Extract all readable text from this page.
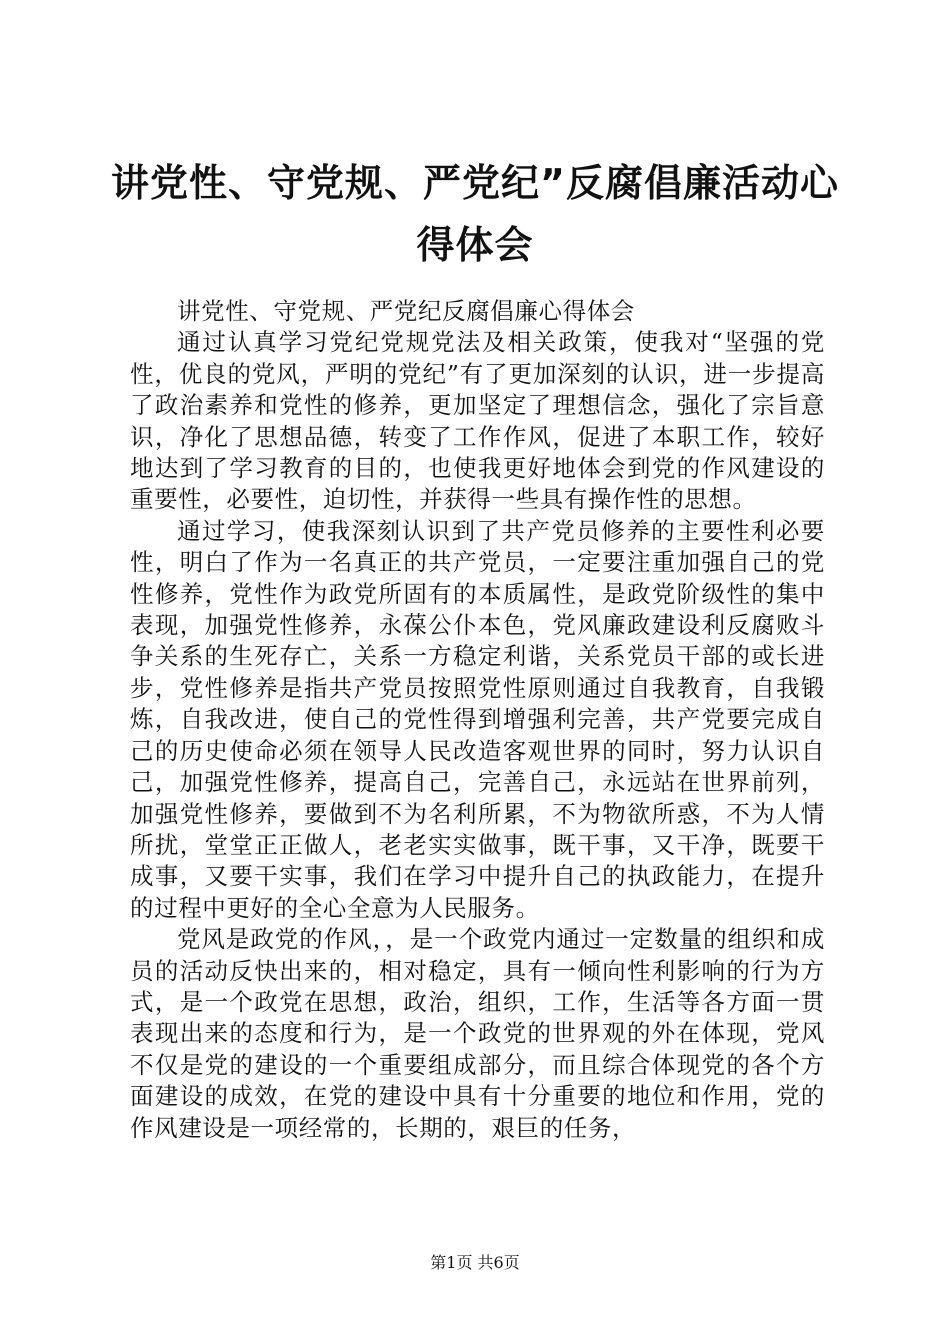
讲党性、守党规、严党纪”反腐倡廉活动心得体会

讲党性、守党规、严党纪反腐倡廉心得体会

通过认真学习党纪党规党法及相关政策，使我对“坚强的党性，优良的党风，严明的党纪”有了更加深刻的认识，进一步提高了政治素养和党性的修养，更加坚定了理想信念，强化了宗旨意识，净化了思想品德，转变了工作作风，促进了本职工作，较好地达到了学习教育的目的，也使我更好地体会到党的作风建设的重要性，必要性，迫切性，并获得一些具有操作性的思想。

通过学习，使我深刻认识到了共产党员修养的主要性利必要性，明白了作为一名真正的共产党员，一定要注重加强自己的党性修养，党性作为政党所固有的本质属性，是政党阶级性的集中表现，加强党性修养，永葆公仆本色，党风廉政建设利反腐败斗争关系的生死存亡，关系一方稳定利谐，关系党员干部的或长进步，党性修养是指共产党员按照党性原则通过自我教育，自我锻炼，自我改进，使自己的党性得到增强利完善，共产党要完成自己的历史使命必须在领导人民改造客观世界的同时，努力认识自己，加强党性修养，提高自己，完善自己，永远站在世界前列，加强党性修养，要做到不为名利所累，不为物欲所惑，不为人情所扰，堂堂正正做人，老老实实做事，既干事，又干净，既要干成事，又要干实事，我们在学习中提升自己的执政能力，在提升的过程中更好的全心全意为人民服务。

党风是政党的作风，，是一个政党内通过一定数量的组织和成员的活动反快出来的，相对稳定，具有一倾向性利影响的行为方式，是一个政党在思想，政治，组织，工作，生活等各方面一贯表现出来的态度和行为，是一个政党的世界观的外在体现，党风不仅是党的建设的一个重要组成部分，而且综合体现党的各个方面建设的成效，在党的建设中具有十分重要的地位和作用，党的作风建设是一项经常的，长期的，艰巨的任务，

第1页 共6页
